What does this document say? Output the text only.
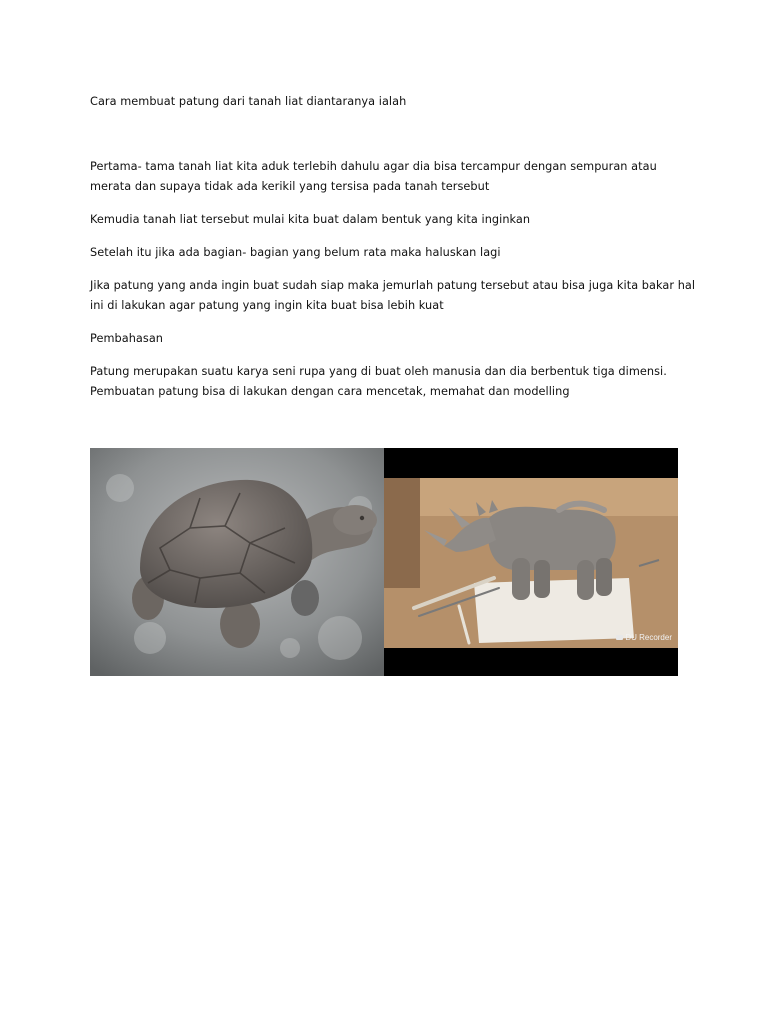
Cara membuat patung dari tanah liat diantaranya ialah

Pertama- tama tanah liat kita aduk terlebih dahulu agar dia bisa tercampur dengan sempuran atau
merata dan supaya tidak ada kerikil yang tersisa pada tanah tersebut

Kemudia tanah liat tersebut mulai kita buat dalam bentuk yang kita inginkan

Setelah itu jika ada bagian- bagian yang belum rata maka haluskan lagi

Jika patung yang anda ingin buat sudah siap maka jemurlah patung tersebut atau bisa juga kita bakar hal
ini di lakukan agar patung yang ingin kita buat bisa lebih kuat

Pembahasan

Patung merupakan suatu karya seni rupa yang di buat oleh manusia dan dia berbentuk tiga dimensi.
Pembuatan patung bisa di lakukan dengan cara mencetak, memahat dan modelling

DU Recorder
